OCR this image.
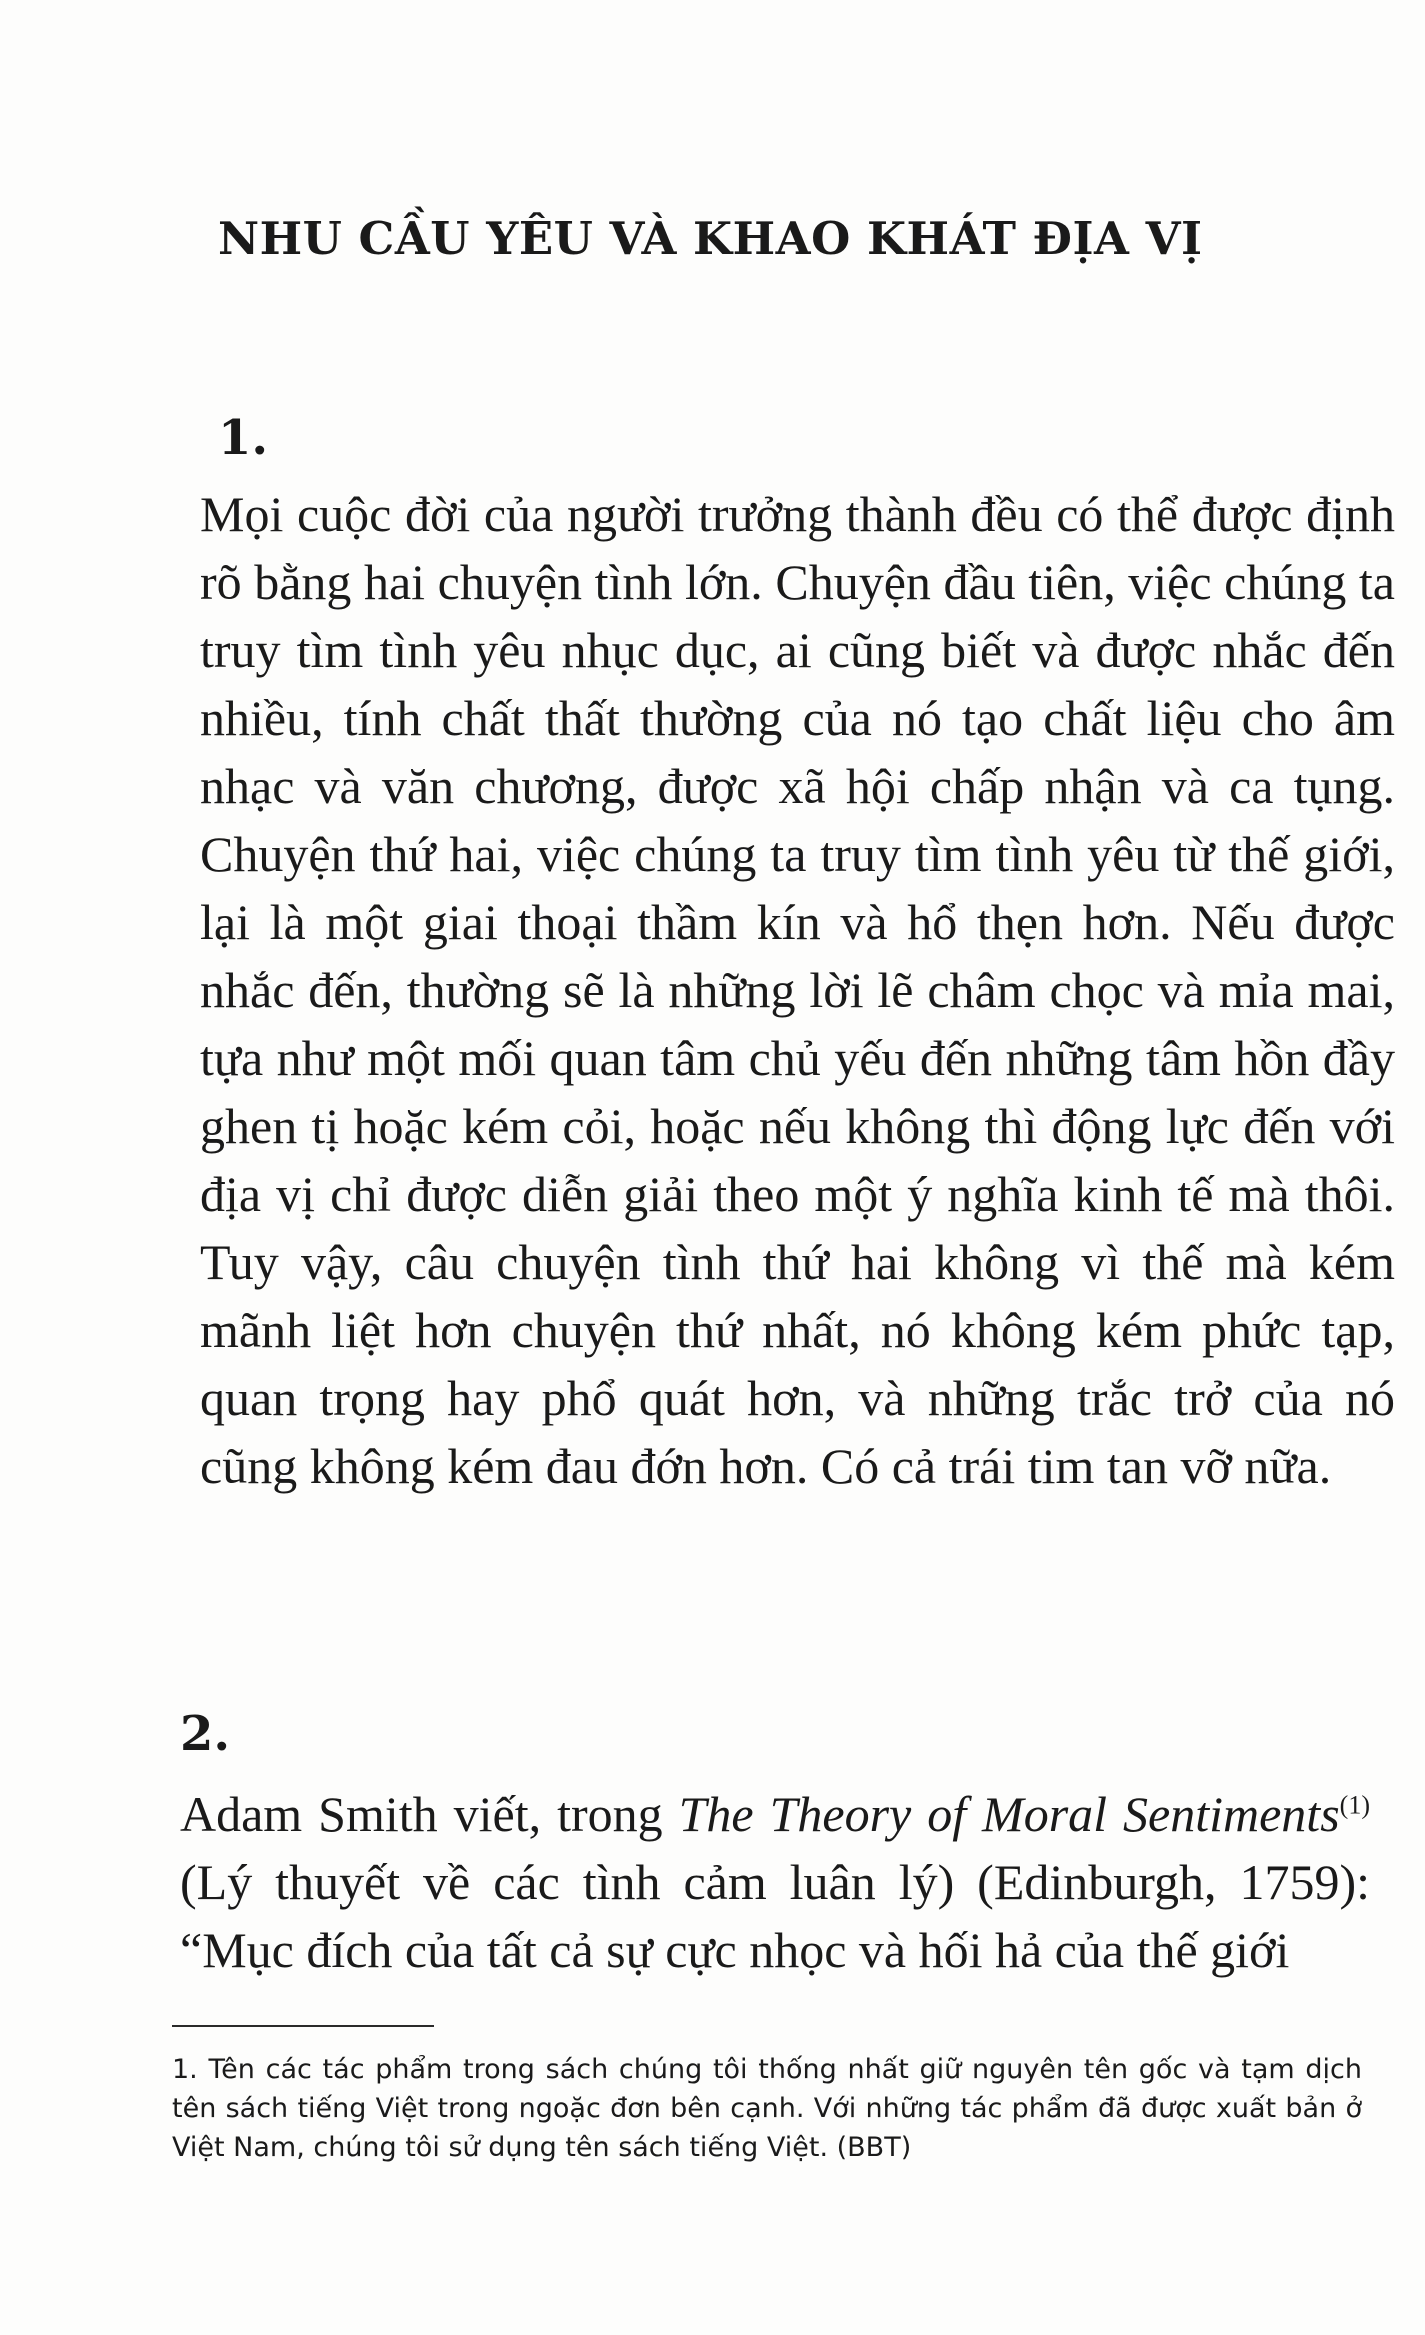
NHU CẦU YÊU VÀ KHAO KHÁT ĐỊA VỊ
1.

Mọi cuộc đời của người trưởng thành đều có thể được định rõ bằng hai chuyện tình lớn. Chuyện đầu tiên, việc chúng ta truy tìm tình yêu nhục dục, ai cũng biết và được nhắc đến nhiều, tính chất thất thường của nó tạo chất liệu cho âm nhạc và văn chương, được xã hội chấp nhận và ca tụng. Chuyện thứ hai, việc chúng ta truy tìm tình yêu từ thế giới, lại là một giai thoại thầm kín và hổ thẹn hơn. Nếu được nhắc đến, thường sẽ là những lời lẽ châm chọc và mỉa mai, tựa như một mối quan tâm chủ yếu đến những tâm hồn đầy ghen tị hoặc kém cỏi, hoặc nếu không thì động lực đến với địa vị chỉ được diễn giải theo một ý nghĩa kinh tế mà thôi. Tuy vậy, câu chuyện tình thứ hai không vì thế mà kém mãnh liệt hơn chuyện thứ nhất, nó không kém phức tạp, quan trọng hay phổ quát hơn, và những trắc trở của nó cũng không kém đau đớn hơn. Có cả trái tim tan vỡ nữa.

2.

Adam Smith viết, trong The Theory of Moral Sentiments$^{(1)}$ (Lý thuyết về các tình cảm luân lý) (Edinburgh, 1759): “Mục đích của tất cả sự cực nhọc và hối hả của thế giới

1. Tên các tác phẩm trong sách chúng tôi thống nhất giữ nguyên tên gốc và tạm dịch tên sách tiếng Việt trong ngoặc đơn bên cạnh. Với những tác phẩm đã được xuất bản ở Việt Nam, chúng tôi sử dụng tên sách tiếng Việt. (BBT)
